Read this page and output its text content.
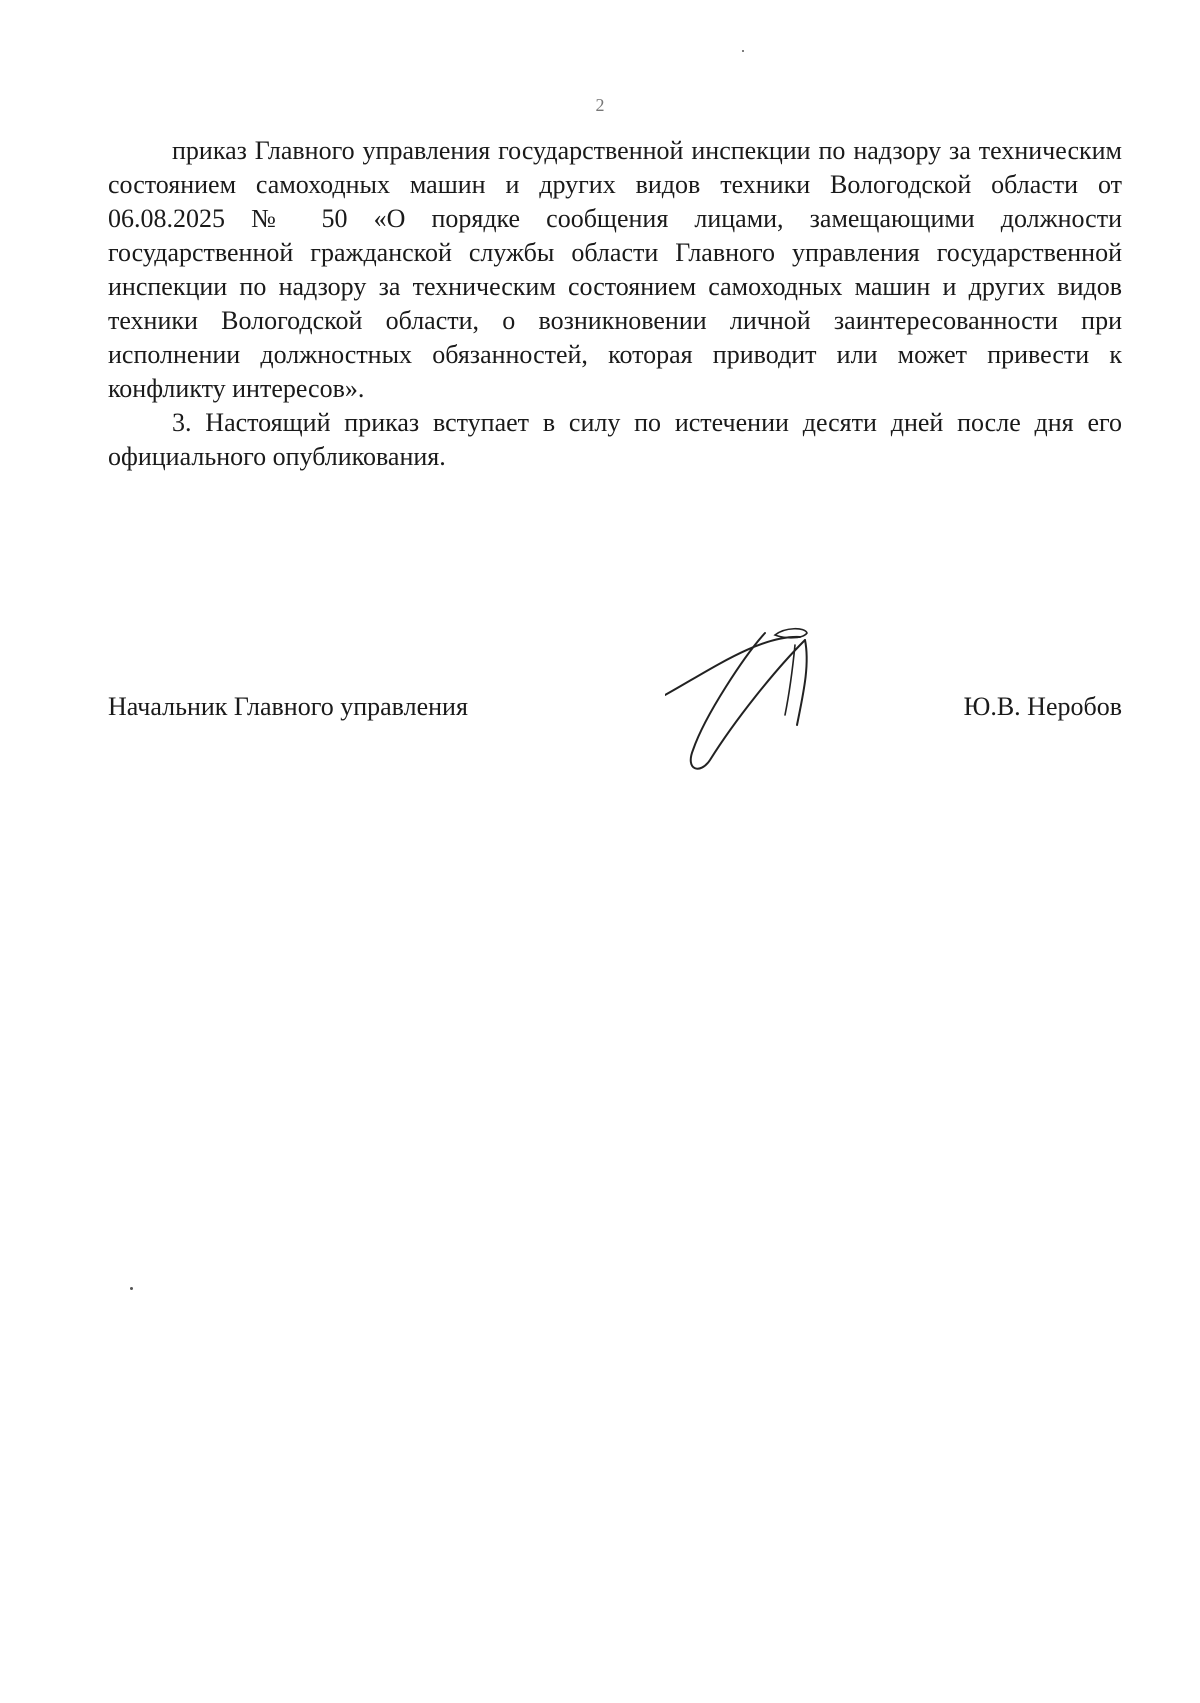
2

приказ Главного управления государственной инспекции по надзору за техническим состоянием самоходных машин и других видов техники Вологодской области от 06.08.2025 № 50 «О порядке сообщения лицами, замещающими должности государственной гражданской службы области Главного управления государственной инспекции по надзору за техническим состоянием самоходных машин и других видов техники Вологодской области, о возникновении личной заинтересованности при исполнении должностных обязанностей, которая приводит или может привести к конфликту интересов».

3. Настоящий приказ вступает в силу по истечении десяти дней после дня его официального опубликования.

Начальник Главного управления	Ю.В. Неробов
